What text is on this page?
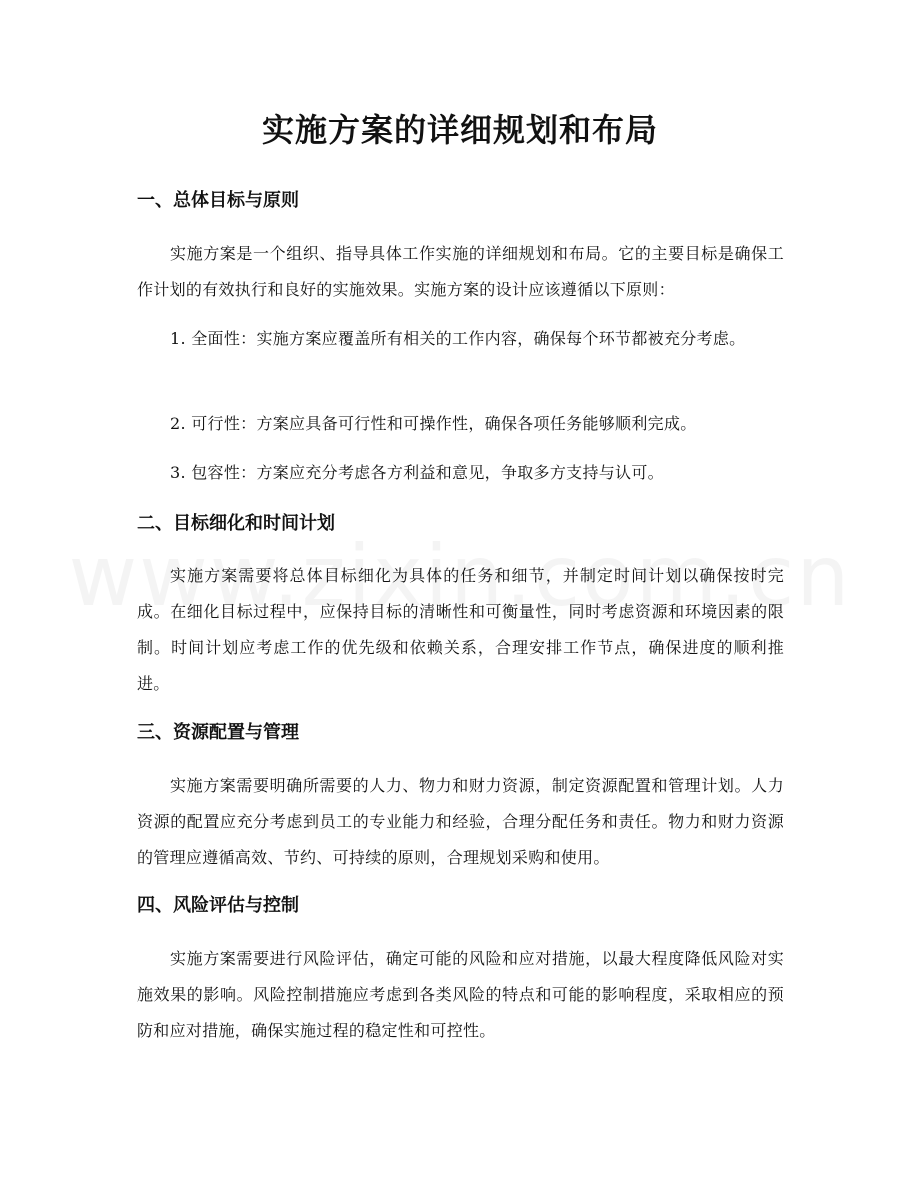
实施方案的详细规划和布局
一、总体目标与原则

实施方案是一个组织、指导具体工作实施的详细规划和布局。它的主要目标是确保工作计划的有效执行和良好的实施效果。实施方案的设计应该遵循以下原则：

1. 全面性：实施方案应覆盖所有相关的工作内容，确保每个环节都被充分考虑。

2. 可行性：方案应具备可行性和可操作性，确保各项任务能够顺利完成。

3. 包容性：方案应充分考虑各方利益和意见，争取多方支持与认可。

二、目标细化和时间计划

实施方案需要将总体目标细化为具体的任务和细节，并制定时间计划以确保按时完成。在细化目标过程中，应保持目标的清晰性和可衡量性，同时考虑资源和环境因素的限制。时间计划应考虑工作的优先级和依赖关系，合理安排工作节点，确保进度的顺利推进。

三、资源配置与管理

实施方案需要明确所需要的人力、物力和财力资源，制定资源配置和管理计划。人力资源的配置应充分考虑到员工的专业能力和经验，合理分配任务和责任。物力和财力资源的管理应遵循高效、节约、可持续的原则，合理规划采购和使用。

四、风险评估与控制

实施方案需要进行风险评估，确定可能的风险和应对措施，以最大程度降低风险对实施效果的影响。风险控制措施应考虑到各类风险的特点和可能的影响程度，采取相应的预防和应对措施，确保实施过程的稳定性和可控性。
